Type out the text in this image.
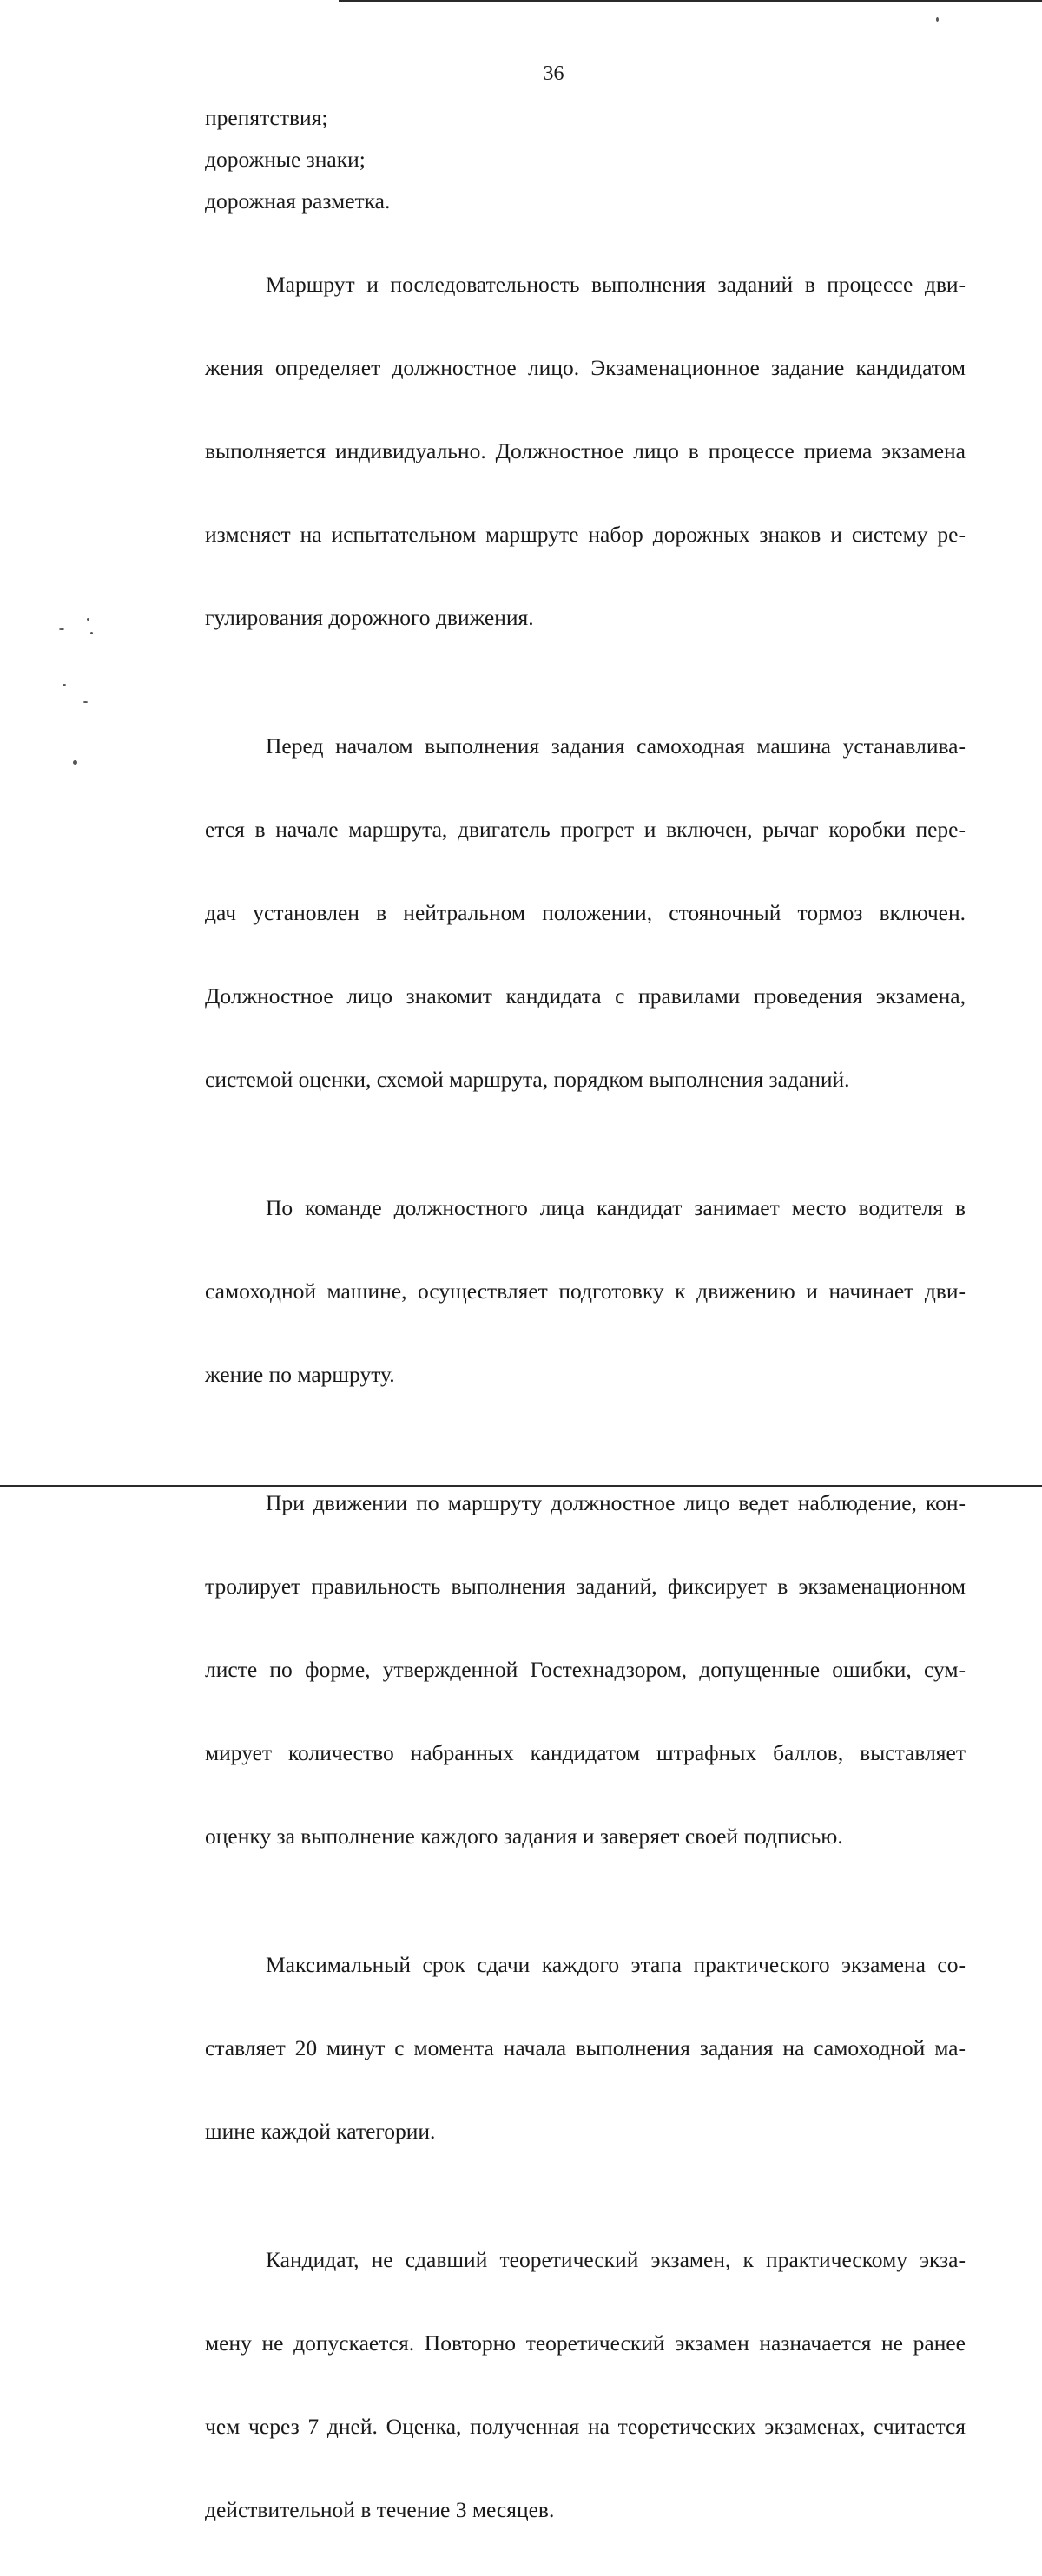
36

препятствия;

дорожные знаки;

дорожная разметка.

Маршрут и последовательность выполнения заданий в процессе дви-

жения определяет должностное лицо. Экзаменационное задание кандидатом

выполняется индивидуально. Должностное лицо в процессе приема экзамена

изменяет на испытательном маршруте набор дорожных знаков и систему ре-

гулирования дорожного движения.

Перед началом выполнения задания самоходная машина устанавлива-

ется в начале маршрута, двигатель прогрет и включен, рычаг коробки пере-

дач установлен в нейтральном положении, стояночный тормоз включен.

Должностное лицо знакомит кандидата с правилами проведения экзамена,

системой оценки, схемой маршрута, порядком выполнения заданий.

По команде должностного лица кандидат занимает место водителя в

самоходной машине, осуществляет подготовку к движению и начинает дви-

жение по маршруту.

При движении по маршруту должностное лицо ведет наблюдение, кон-

тролирует правильность выполнения заданий, фиксирует в экзаменационном

листе по форме, утвержденной Гостехнадзором, допущенные ошибки, сум-

мирует количество набранных кандидатом штрафных баллов, выставляет

оценку за выполнение каждого задания и заверяет своей подписью.

Максимальный срок сдачи каждого этапа практического экзамена со-

ставляет 20 минут с момента начала выполнения задания на самоходной ма-

шине каждой категории.

Кандидат, не сдавший теоретический экзамен, к практическому экза-

мену не допускается. Повторно теоретический экзамен назначается не ранее

чем через 7 дней. Оценка, полученная на теоретических экзаменах, считается

действительной в течение 3 месяцев.
